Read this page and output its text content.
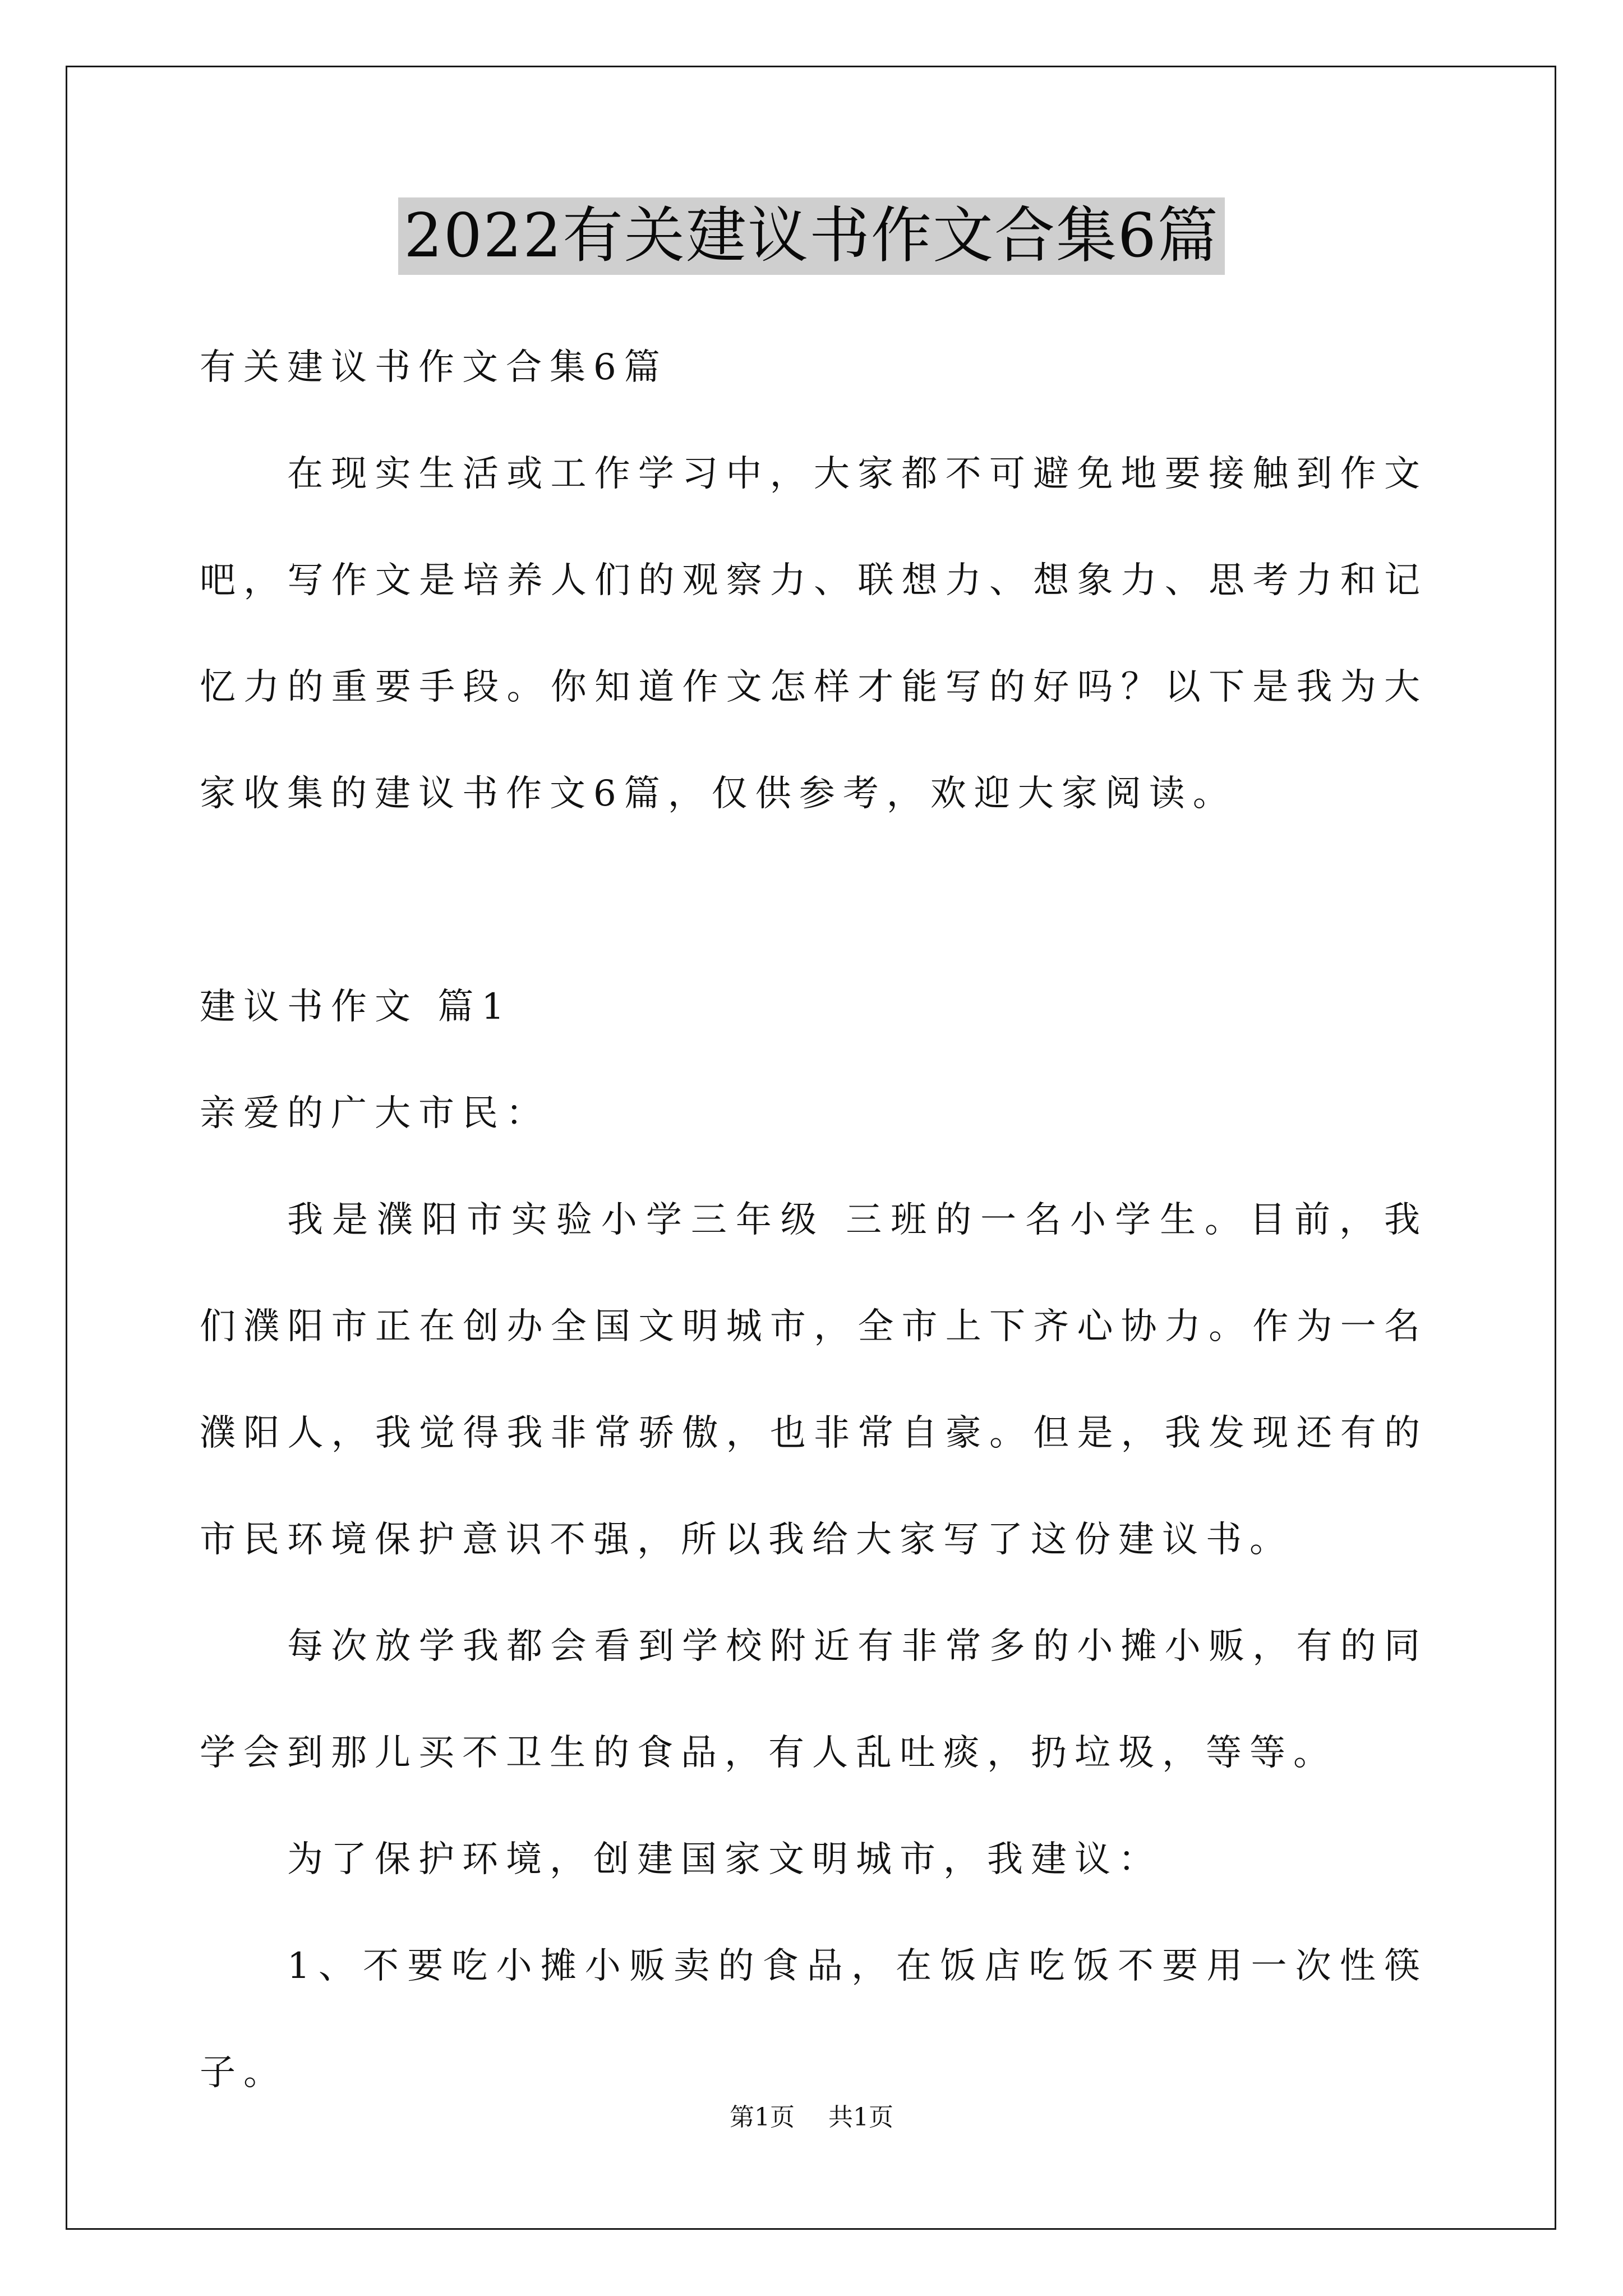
2022有关建议书作文合集6篇
有关建议书作文合集6篇

在现实生活或工作学习中，大家都不可避免地要接触到作文吧，写作文是培养人们的观察力、联想力、想象力、思考力和记忆力的重要手段。你知道作文怎样才能写的好吗？以下是我为大家收集的建议书作文6篇，仅供参考，欢迎大家阅读。

建议书作文 篇1
亲爱的广大市民：

我是濮阳市实验小学三年级 三班的一名小学生。目前，我们濮阳市正在创办全国文明城市，全市上下齐心协力。作为一名濮阳人，我觉得我非常骄傲，也非常自豪。但是，我发现还有的市民环境保护意识不强，所以我给大家写了这份建议书。

每次放学我都会看到学校附近有非常多的小摊小贩，有的同学会到那儿买不卫生的食品，有人乱吐痰，扔垃圾，等等。

为了保护环境，创建国家文明城市，我建议：

1、不要吃小摊小贩卖的食品，在饭店吃饭不要用一次性筷子。

第1页 共1页
